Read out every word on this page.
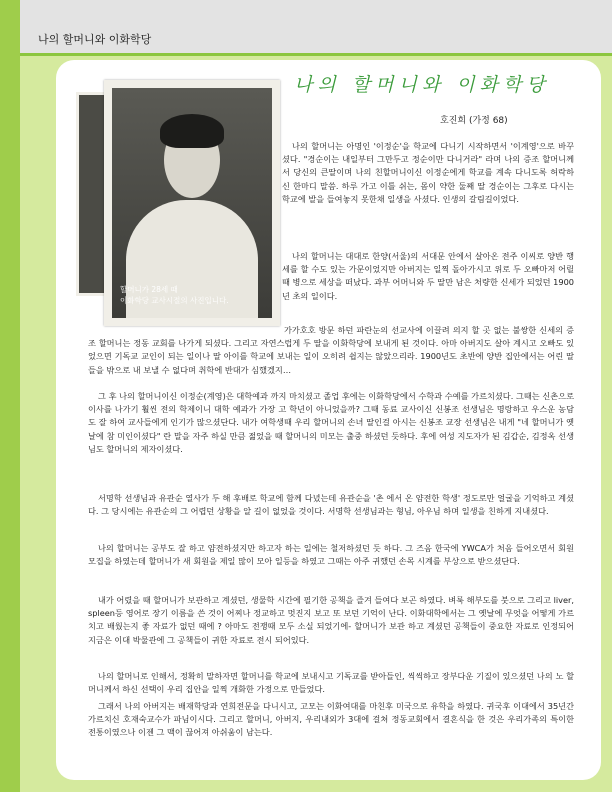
나의 할머니와 이화학당
할머니가 28세 때
이화학당 교사시절의 사진입니다.
나의 할머니와 이화학당
호진희 (가정 68)

나의 할머니는 아명인 '이정순'을 학교에 다니기 시작하면서 '이계영'으로 바꾸셨다. "경순이는 내일부터 그만두고 정순이만 다니거라" 라며 나의 증조 할머니께서 당신의 큰딸이며 나의 친할머니이신 이정순에게 학교를 계속 다니도록 허락하신 한마디 말씀. 하루 가고 이틀 쉬는, 몸이 약한 둘째 딸 경순이는 그후로 다시는 학교에 발을 들여놓지 못한채 일생을 사셨다. 인생의 갈림길이었다.

나의 할머니는 대대로 한양(서울)의 서대문 안에서 살아온 전주 이씨로 양반 행세를 할 수도 있는 가문이었지만 아버지는 일찍 돌아가시고 위로 두 오빠마저 어릴 때 병으로 세상을 떠났다. 과부 어머니와 두 딸만 남은 처량한 신세가 되었던 1900년 초의 일이다.

가가호호 방문 하던 파란눈의 선교사에 이끌려 의지 할 곳 없는 불쌍한 신세의 증조 할머니는 정동 교회를 나가게 되셨다. 그리고 자연스럽게 두 딸을 이화학당에 보내게 된 것이다. 아마 아버지도 살아 계시고 오빠도 있었으면 기독교 교인이 되는 일이나 딸 아이를 학교에 보내는 일이 오히려 쉽지는 않았으리라. 1900년도 초반에 양반 집안에서는 어린 딸들을 밖으로 내 보낼 수 없다며 취학에 반대가 심했겠지…

그 후 나의 할머니이신 이정순(계영)은 대학예과 까지 마치셨고 졸업 후에는 이화학당에서 수학과 수예를 가르치셨다. 그때는 신촌으로 이사를 나가기 훨씬 전의 학제이니 대학 예과가 가장 고 학년이 아니었을까? 그때 동료 교사이신 신봉조 선생님은 명랑하고 우스운 농담도 잘 하여 교사들에게 인기가 많으셨단다. 내가 여학생때 우리 할머니의 손녀 딸인걸 아시는 신봉조 교장 선생님은 내게 "네 할머니가 옛날에 참 미인이셨다" 란 말을 자주 하실 만큼 젊었을 때 할머니의 미모는 출중 하셨던 듯하다. 후에 여성 지도자가 된 김갑순, 김정옥 선생님도 할머니의 제자이셨다.

서명학 선생님과 유관순 열사가 두 해 후배로 학교에 함께 다녔는데 유관순을 '촌 에서 온 얌전한 학생' 정도로만 얼굴을 기억하고 계셨다. 그 당시에는 유관순의 그 어렵던 상황을 알 길이 없었을 것이다. 서명학 선생님과는 형님, 아우님 하며 일생을 친하게 지내셨다.

나의 할머니는 공부도 잘 하고 얌전하셨지만 하고자 하는 일에는 철저하셨던 듯 하다. 그 즈음 한국에 YWCA가 처음 들어오면서 회원모집을 하였는데 할머니가 새 회원을 제일 많이 모아 일등을 하였고 그때는 아주 귀했던 손목 시계를 부상으로 받으셨단다.

내가 어렸을 때 할머니가 보관하고 계셨던, 생물학 시간에 필기한 공책을 즐겨 들여다 보곤 하였다. 벼룩 해부도를 붓으로 그리고 liver, spleen등 영어로 장기 이름을 쓴 것이 어찌나 정교하고 멋진지 보고 또 보던 기억이 난다. 이화대학에서는 그 옛날에 무엇을 어떻게 가르치고 배웠는지 좋 자료가 없던 때에 ? 아마도 전쟁때 모두 소실 되었기에- 할머니가 보관 하고 계셨던 공책들이 중요한 자료로 인정되어 지금은 이대 박물관에 그 공책들이 귀한 자료로 전시 되어있다.

나의 할머니로 인해서, 정확히 말하자면 할머니를 학교에 보내시고 기독교를 받아들인, 씩씩하고 장부다운 기질이 있으셨던 나의 노 할머니께서 하신 선택이 우리 집안을 일찍 개화한 가정으로 만들었다.

그래서 나의 아버지는 배재학당과 연희전문을 다니시고, 고모는 이화여대를 마친후 미국으로 유학을 하였다. 귀국후 이대에서 35년간 가르치신 호재숙교수가 파님이시다. 그리고 할머니, 아버지, 우리내외가 3대에 걸쳐 정동교회에서 결혼식을 한 것은 우리가족의 특이한 전통이였으나 이젠 그 맥이 끊어져 아쉬움이 남는다.
